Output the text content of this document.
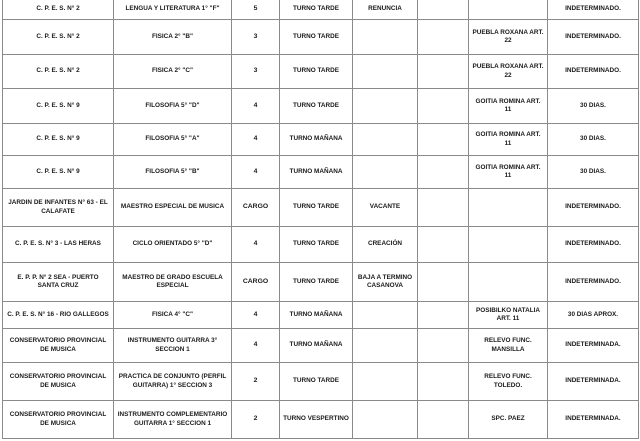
C. P. E. S. N° 2	LENGUA Y LITERATURA 1° "F"	5	TURNO TARDE	RENUNCIA			INDETERMINADO.
C. P. E. S. N° 2	FISICA 2° "B"	3	TURNO TARDE			PUEBLA ROXANA ART. 22	INDETERMINADO.
C. P. E. S. N° 2	FISICA 2° "C"	3	TURNO TARDE			PUEBLA ROXANA ART. 22	INDETERMINADO.
C. P. E. S. N° 9	FILOSOFIA 5° "D"	4	TURNO TARDE			GOITIA ROMINA ART. 11	30 DIAS.
C. P. E. S. N° 9	FILOSOFIA 5° "A"	4	TURNO MAÑANA			GOITIA ROMINA ART. 11	30 DIAS.
C. P. E. S. N° 9	FILOSOFIA 5° "B"	4	TURNO MAÑANA			GOITIA ROMINA ART. 11	30 DIAS.
JARDIN DE INFANTES N° 63 - EL CALAFATE	MAESTRO ESPECIAL DE MUSICA	CARGO	TURNO TARDE	VACANTE			INDETERMINADO.
C. P. E. S. N° 3 - LAS HERAS	CICLO ORIENTADO 5° "D"	4	TURNO TARDE	CREACIÓN			INDETERMINADO.
E. P. P. N° 2 SEA - PUERTO SANTA CRUZ	MAESTRO DE GRADO ESCUELA ESPECIAL	CARGO	TURNO TARDE	BAJA A TERMINO CASANOVA			INDETERMINADO.
C. P. E. S. N° 16 - RIO GALLEGOS	FISICA 4° "C"	4	TURNO MAÑANA			POSIBILKO NATALIA ART. 11	30 DIAS APROX.
CONSERVATORIO PROVINCIAL DE MUSICA	INSTRUMENTO GUITARRA 3° SECCION 1	4	TURNO MAÑANA			RELEVO FUNC. MANSILLA	INDETERMINADA.
CONSERVATORIO PROVINCIAL DE MUSICA	PRACTICA DE CONJUNTO (PERFIL GUITARRA) 1° SECCION 3	2	TURNO TARDE			RELEVO FUNC. TOLEDO.	INDETERMINADA.
CONSERVATORIO PROVINCIAL DE MUSICA	INSTRUMENTO COMPLEMENTARIO GUITARRA 1° SECCION 1	2	TURNO VESPERTINO			SPC. PAEZ	INDETERMINADA.
